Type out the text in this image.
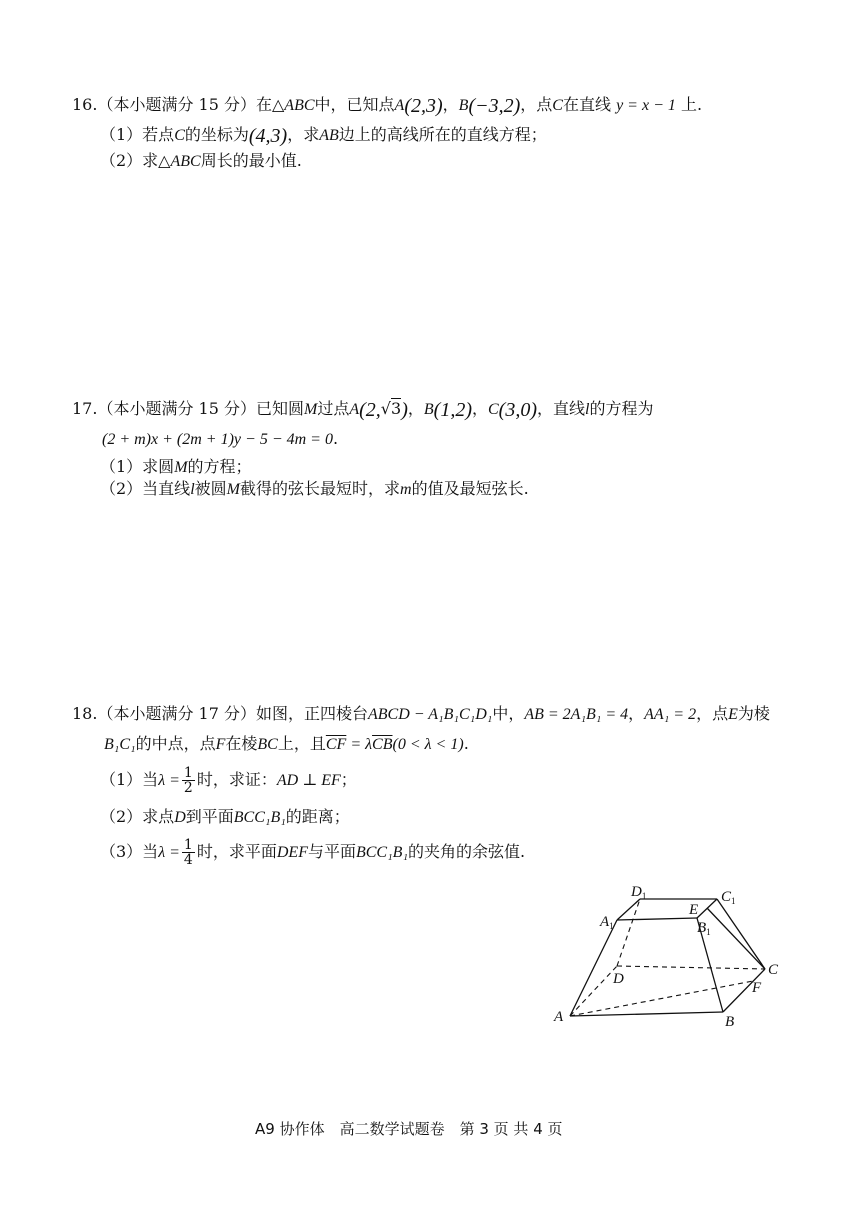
16.（本小题满分 15 分）在△ABC中，已知点A(2,3)，B(−3,2)，点C在直线 y = x − 1 上.
（1）若点C的坐标为(4,3)，求AB边上的高线所在的直线方程；
（2）求△ABC周长的最小值.
17.（本小题满分 15 分）已知圆M过点A(2,√3)，B(1,2)，C(3,0)，直线l的方程为
(2 + m)x + (2m + 1)y − 5 − 4m = 0.
（1）求圆M的方程；
（2）当直线l被圆M截得的弦长最短时，求m的值及最短弦长.
18.（本小题满分 17 分）如图，正四棱台ABCD − A₁B₁C₁D₁中，AB = 2A₁B₁ = 4，AA₁ = 2，点E为棱
B₁C₁的中点，点F在棱BC上，且$\overline{CF} = \lambda\overline{CB}(0 < \lambda < 1)$.
（1）当$\lambda = \frac{1}{2}$ 时，求证：AD ⊥ EF；
（2）求点D到平面BCC₁B₁的距离；
（3）当$\lambda = \frac{1}{4}$ 时，求平面DEF与平面BCC₁B₁的夹角的余弦值.
A	B
C
D
F
E
$A_1$	$B_1$
$C_1$
$D_1$
A9 协作体　高二数学试题卷　第 3 页 共 4 页
